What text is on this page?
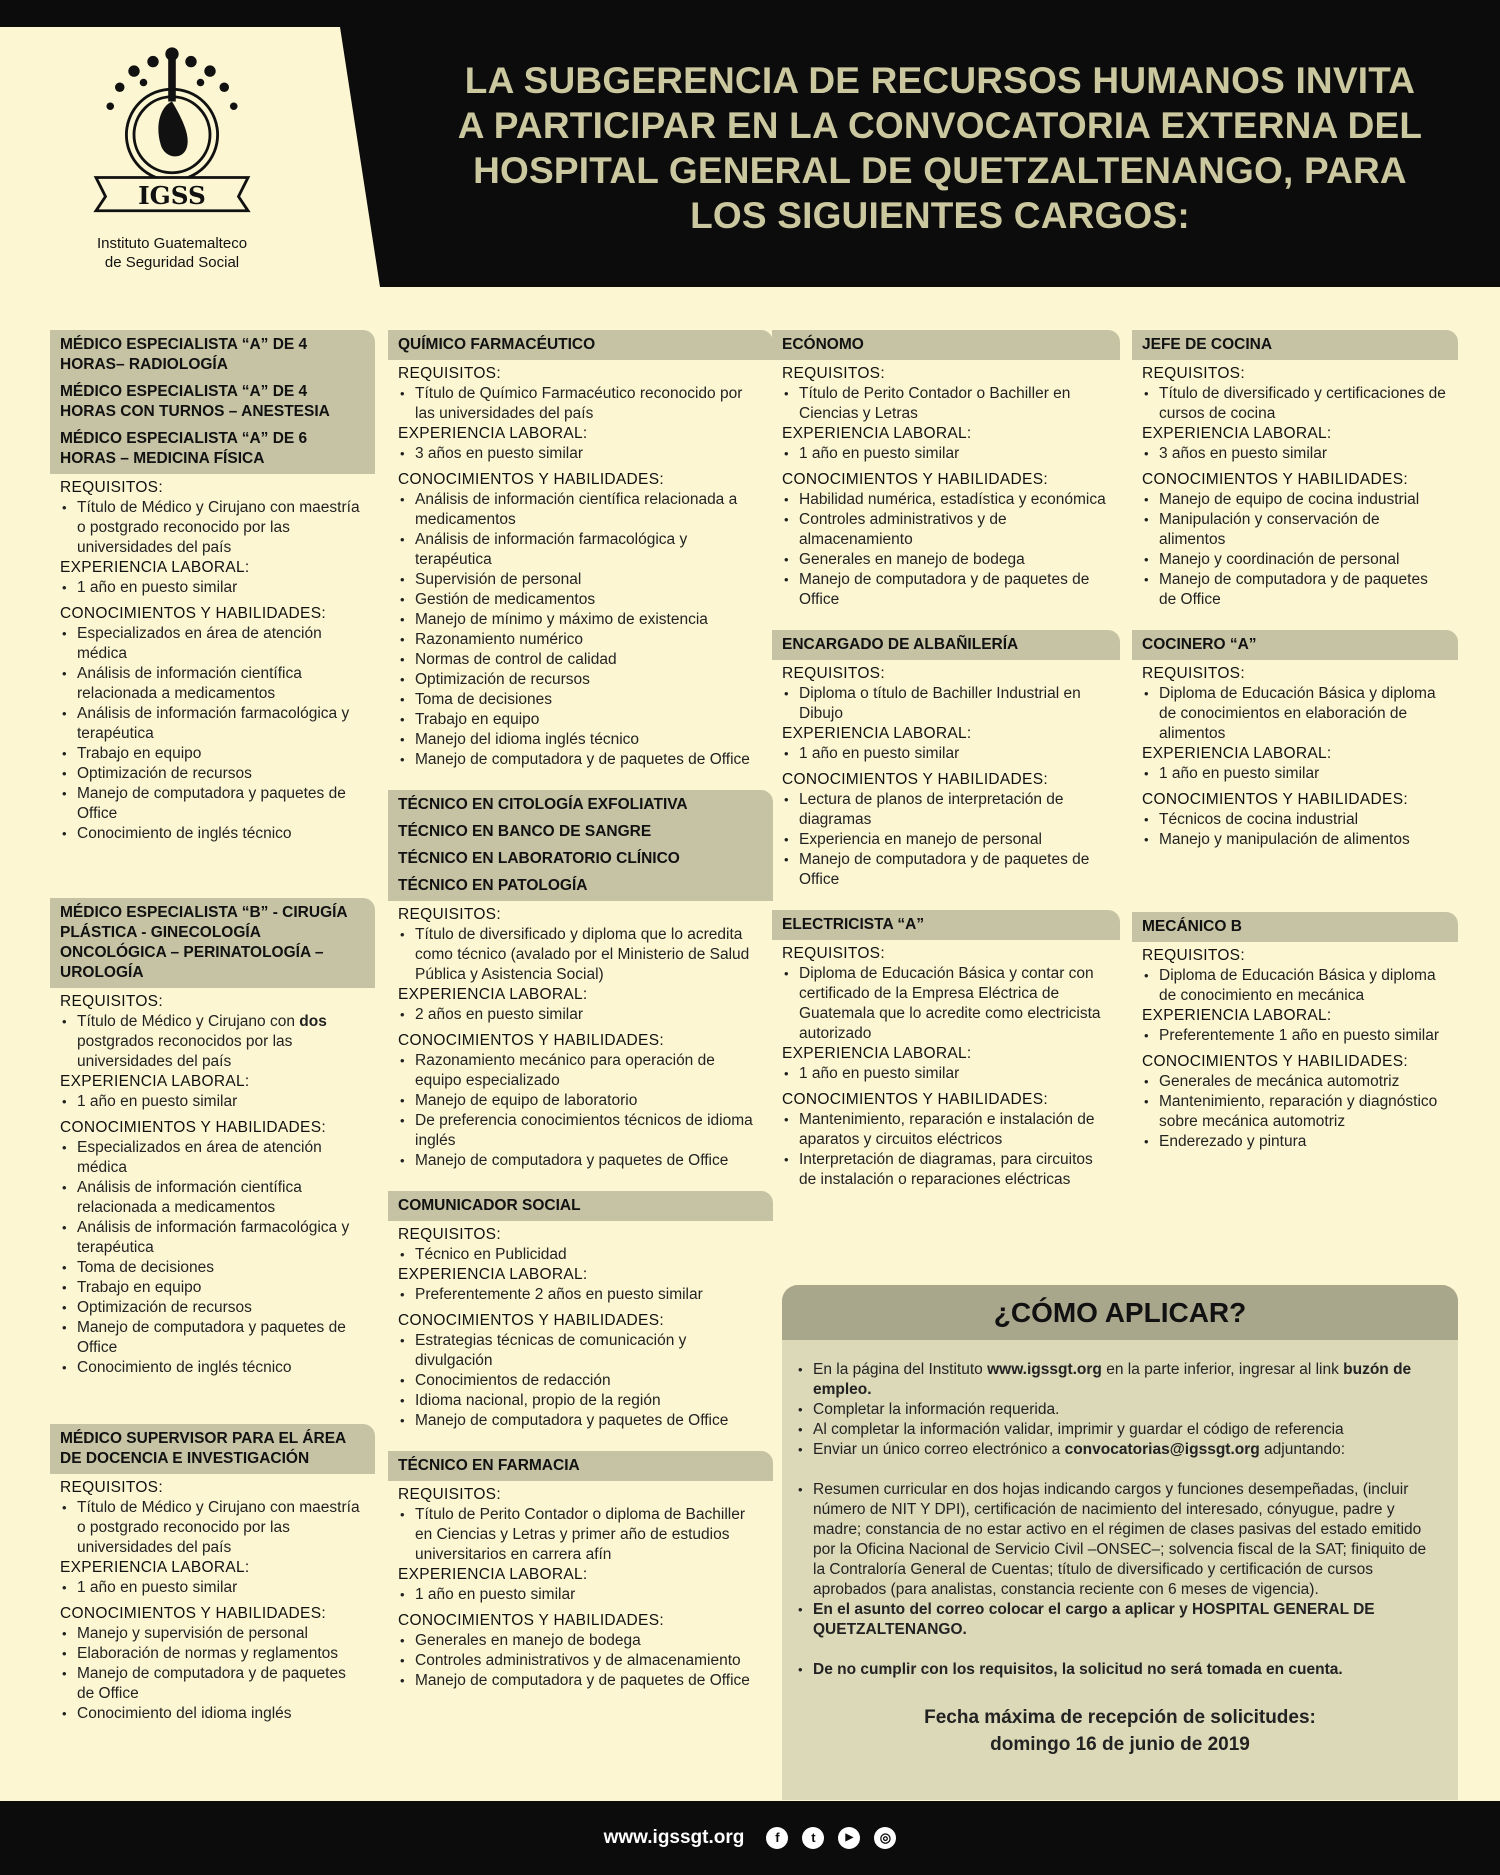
IGSS
Instituto Guatemalteco
de Seguridad Social
LA SUBGERENCIA DE RECURSOS HUMANOS INVITA
A PARTICIPAR EN LA CONVOCATORIA EXTERNA DEL
HOSPITAL GENERAL DE QUETZALTENANGO, PARA
LOS SIGUIENTES CARGOS:
MÉDICO ESPECIALISTA “A” DE 4 HORAS– RADIOLOGÍA
MÉDICO ESPECIALISTA “A” DE 4 HORAS CON TURNOS – ANESTESIA
MÉDICO ESPECIALISTA “A” DE 6 HORAS – MEDICINA FÍSICA
REQUISITOS:
• Título de Médico y Cirujano con maestría o postgrado reconocido por las universidades del país
EXPERIENCIA LABORAL:
• 1 año en puesto similar
CONOCIMIENTOS Y HABILIDADES:
• Especializados en área de atención médica
• Análisis de información científica relacionada a medicamentos
• Análisis de información farmacológica y terapéutica
• Trabajo en equipo
• Optimización de recursos
• Manejo de computadora y paquetes de Office
• Conocimiento de inglés técnico
MÉDICO ESPECIALISTA “B” - CIRUGÍA PLÁSTICA - GINECOLOGÍA ONCOLÓGICA – PERINATOLOGÍA – UROLOGÍA
REQUISITOS:
• Título de Médico y Cirujano con dos postgrados reconocidos por las universidades del país
EXPERIENCIA LABORAL:
• 1 año en puesto similar
CONOCIMIENTOS Y HABILIDADES:
• Especializados en área de atención médica
• Análisis de información científica relacionada a medicamentos
• Análisis de información farmacológica y terapéutica
• Toma de decisiones
• Trabajo en equipo
• Optimización de recursos
• Manejo de computadora y paquetes de Office
• Conocimiento de inglés técnico
MÉDICO SUPERVISOR PARA EL ÁREA DE DOCENCIA E INVESTIGACIÓN
REQUISITOS:
• Título de Médico y Cirujano con maestría o postgrado reconocido por las universidades del país
EXPERIENCIA LABORAL:
• 1 año en puesto similar
CONOCIMIENTOS Y HABILIDADES:
• Manejo y supervisión de personal
• Elaboración de normas y reglamentos
• Manejo de computadora y de paquetes de Office
• Conocimiento del idioma inglés
QUÍMICO FARMACÉUTICO
REQUISITOS:
• Título de Químico Farmacéutico reconocido por las universidades del país
EXPERIENCIA LABORAL:
• 3 años en puesto similar
CONOCIMIENTOS Y HABILIDADES:
• Análisis de información científica relacionada a medicamentos
• Análisis de información farmacológica y terapéutica
• Supervisión de personal
• Gestión de medicamentos
• Manejo de mínimo y máximo de existencia
• Razonamiento numérico
• Normas de control de calidad
• Optimización de recursos
• Toma de decisiones
• Trabajo en equipo
• Manejo del idioma inglés técnico
• Manejo de computadora y de paquetes de Office
TÉCNICO EN CITOLOGÍA EXFOLIATIVA
TÉCNICO EN BANCO DE SANGRE
TÉCNICO EN LABORATORIO CLÍNICO
TÉCNICO EN PATOLOGÍA
REQUISITOS:
• Título de diversificado y diploma que lo acredita como técnico (avalado por el Ministerio de Salud Pública y Asistencia Social)
EXPERIENCIA LABORAL:
• 2 años en puesto similar
CONOCIMIENTOS Y HABILIDADES:
• Razonamiento mecánico para operación de equipo especializado
• Manejo de equipo de laboratorio
• De preferencia conocimientos técnicos de idioma inglés
• Manejo de computadora y paquetes de Office
COMUNICADOR SOCIAL
REQUISITOS:
• Técnico en Publicidad
EXPERIENCIA LABORAL:
• Preferentemente 2 años en puesto similar
CONOCIMIENTOS Y HABILIDADES:
• Estrategias técnicas de comunicación y divulgación
• Conocimientos de redacción
• Idioma nacional, propio de la región
• Manejo de computadora y paquetes de Office
TÉCNICO EN FARMACIA
REQUISITOS:
• Título de Perito Contador o diploma de Bachiller en Ciencias y Letras y primer año de estudios universitarios en carrera afín
EXPERIENCIA LABORAL:
• 1 año en puesto similar
CONOCIMIENTOS Y HABILIDADES:
• Generales en manejo de bodega
• Controles administrativos y de almacenamiento
• Manejo de computadora y de paquetes de Office
ECÓNOMO
REQUISITOS:
• Título de Perito Contador o Bachiller en Ciencias y Letras
EXPERIENCIA LABORAL:
• 1 año en puesto similar
CONOCIMIENTOS Y HABILIDADES:
• Habilidad numérica, estadística y económica
• Controles administrativos y de almacenamiento
• Generales en manejo de bodega
• Manejo de computadora y de paquetes de Office
ENCARGADO DE ALBAÑILERÍA
REQUISITOS:
• Diploma o título de Bachiller Industrial en Dibujo
EXPERIENCIA LABORAL:
• 1 año en puesto similar
CONOCIMIENTOS Y HABILIDADES:
• Lectura de planos de interpretación de diagramas
• Experiencia en manejo de personal
• Manejo de computadora y de paquetes de Office
ELECTRICISTA “A”
REQUISITOS:
• Diploma de Educación Básica y contar con certificado de la Empresa Eléctrica de Guatemala que lo acredite como electricista autorizado
EXPERIENCIA LABORAL:
• 1 año en puesto similar
CONOCIMIENTOS Y HABILIDADES:
• Mantenimiento, reparación e instalación de aparatos y circuitos eléctricos
• Interpretación de diagramas, para circuitos de instalación o reparaciones eléctricas
JEFE DE COCINA
REQUISITOS:
• Título de diversificado y certificaciones de cursos de cocina
EXPERIENCIA LABORAL:
• 3 años en puesto similar
CONOCIMIENTOS Y HABILIDADES:
• Manejo de equipo de cocina industrial
• Manipulación y conservación de alimentos
• Manejo y coordinación de personal
• Manejo de computadora y de paquetes de Office
COCINERO “A”
REQUISITOS:
• Diploma de Educación Básica y diploma de conocimientos en elaboración de alimentos
EXPERIENCIA LABORAL:
• 1 año en puesto similar
CONOCIMIENTOS Y HABILIDADES:
• Técnicos de cocina industrial
• Manejo y manipulación de alimentos
MECÁNICO B
REQUISITOS:
• Diploma de Educación Básica y diploma de conocimiento en mecánica
EXPERIENCIA LABORAL:
• Preferentemente 1 año en puesto similar
CONOCIMIENTOS Y HABILIDADES:
• Generales de mecánica automotriz
• Mantenimiento, reparación y diagnóstico sobre mecánica automotriz
• Enderezado y pintura
¿CÓMO APLICAR?
• En la página del Instituto www.igssgt.org en la parte inferior, ingresar al link buzón de empleo.
• Completar la información requerida.
• Al completar la información validar, imprimir y guardar el código de referencia
• Enviar un único correo electrónico a convocatorias@igssgt.org adjuntando:
• Resumen curricular en dos hojas indicando cargos y funciones desempeñadas, (incluir número de NIT Y DPI), certificación de nacimiento del interesado, cónyugue, padre y madre; constancia de no estar activo en el régimen de clases pasivas del estado emitido por la Oficina Nacional de Servicio Civil –ONSEC–; solvencia fiscal de la SAT; finiquito de la Contraloría General de Cuentas; título de diversificado y certificación de cursos aprobados (para analistas, constancia reciente con 6 meses de vigencia).
• En el asunto del correo colocar el cargo a aplicar y HOSPITAL GENERAL DE QUETZALTENANGO.
• De no cumplir con los requisitos, la solicitud no será tomada en cuenta.
Fecha máxima de recepción de solicitudes:
domingo 16 de junio de 2019
www.igssgt.org	f	t	▶	◎
